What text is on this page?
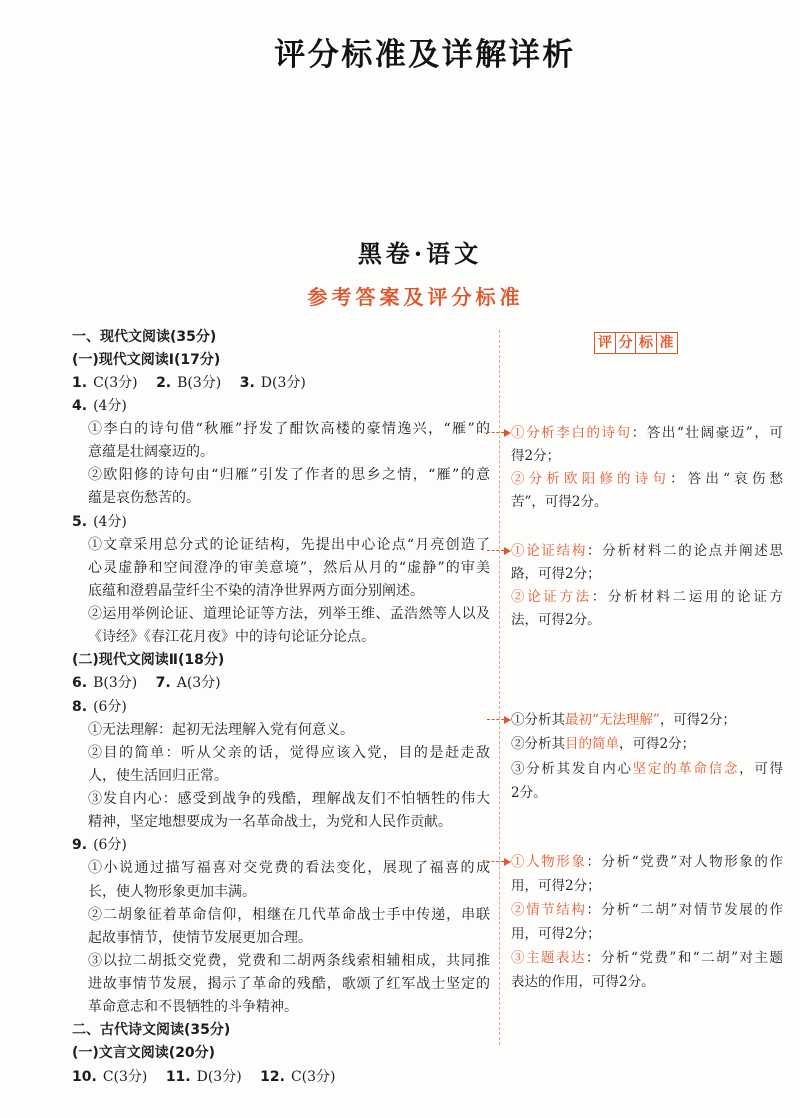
评分标准及详解详析
黑卷·语文
参考答案及评分标准
一、现代文阅读(35分)
(一)现代文阅读Ⅰ(17分)
1. C(3分) 2. B(3分) 3. D(3分)
4. (4分)
①李白的诗句借“秋雁”抒发了酣饮高楼的豪情逸兴，“雁”的
意蕴是壮阔豪迈的。
②欧阳修的诗句由“归雁”引发了作者的思乡之情，“雁”的意
蕴是哀伤愁苦的。
5. (4分)
①文章采用总分式的论证结构，先提出中心论点“月亮创造了
心灵虚静和空间澄净的审美意境”，然后从月的“虚静”的审美
底蕴和澄碧晶莹纤尘不染的清净世界两方面分别阐述。
②运用举例论证、道理论证等方法，列举王维、孟浩然等人以及
《诗经》《春江花月夜》中的诗句论证分论点。
(二)现代文阅读Ⅱ(18分)
6. B(3分) 7. A(3分)
8. (6分)
①无法理解：起初无法理解入党有何意义。
②目的简单：听从父亲的话，觉得应该入党，目的是赶走敌
人，使生活回归正常。
③发自内心：感受到战争的残酷，理解战友们不怕牺牲的伟大
精神，坚定地想要成为一名革命战士，为党和人民作贡献。
9. (6分)
①小说通过描写福喜对交党费的看法变化，展现了福喜的成
长，使人物形象更加丰满。
②二胡象征着革命信仰，相继在几代革命战士手中传递，串联
起故事情节，使情节发展更加合理。
③以拉二胡抵交党费，党费和二胡两条线索相辅相成，共同推
进故事情节发展，揭示了革命的残酷，歌颂了红军战士坚定的
革命意志和不畏牺牲的斗争精神。
二、古代诗文阅读(35分)
(一)文言文阅读(20分)
10. C(3分) 11. D(3分) 12. C(3分)
评 分 标 准
①分析李白的诗句：答出“壮阔豪迈”，可
得2分；
②分析欧阳修的诗句：答出“哀伤愁
苦”，可得2分。
①论证结构：分析材料二的论点并阐述思
路，可得2分；
②论证方法：分析材料二运用的论证方
法，可得2分。
①分析其最初“无法理解”，可得2分；
②分析其目的简单，可得2分；
③分析其发自内心坚定的革命信念，可得
2分。
①人物形象：分析“党费”对人物形象的作
用，可得2分；
②情节结构：分析“二胡”对情节发展的作
用，可得2分；
③主题表达：分析“党费”和“二胡”对主题
表达的作用，可得2分。
